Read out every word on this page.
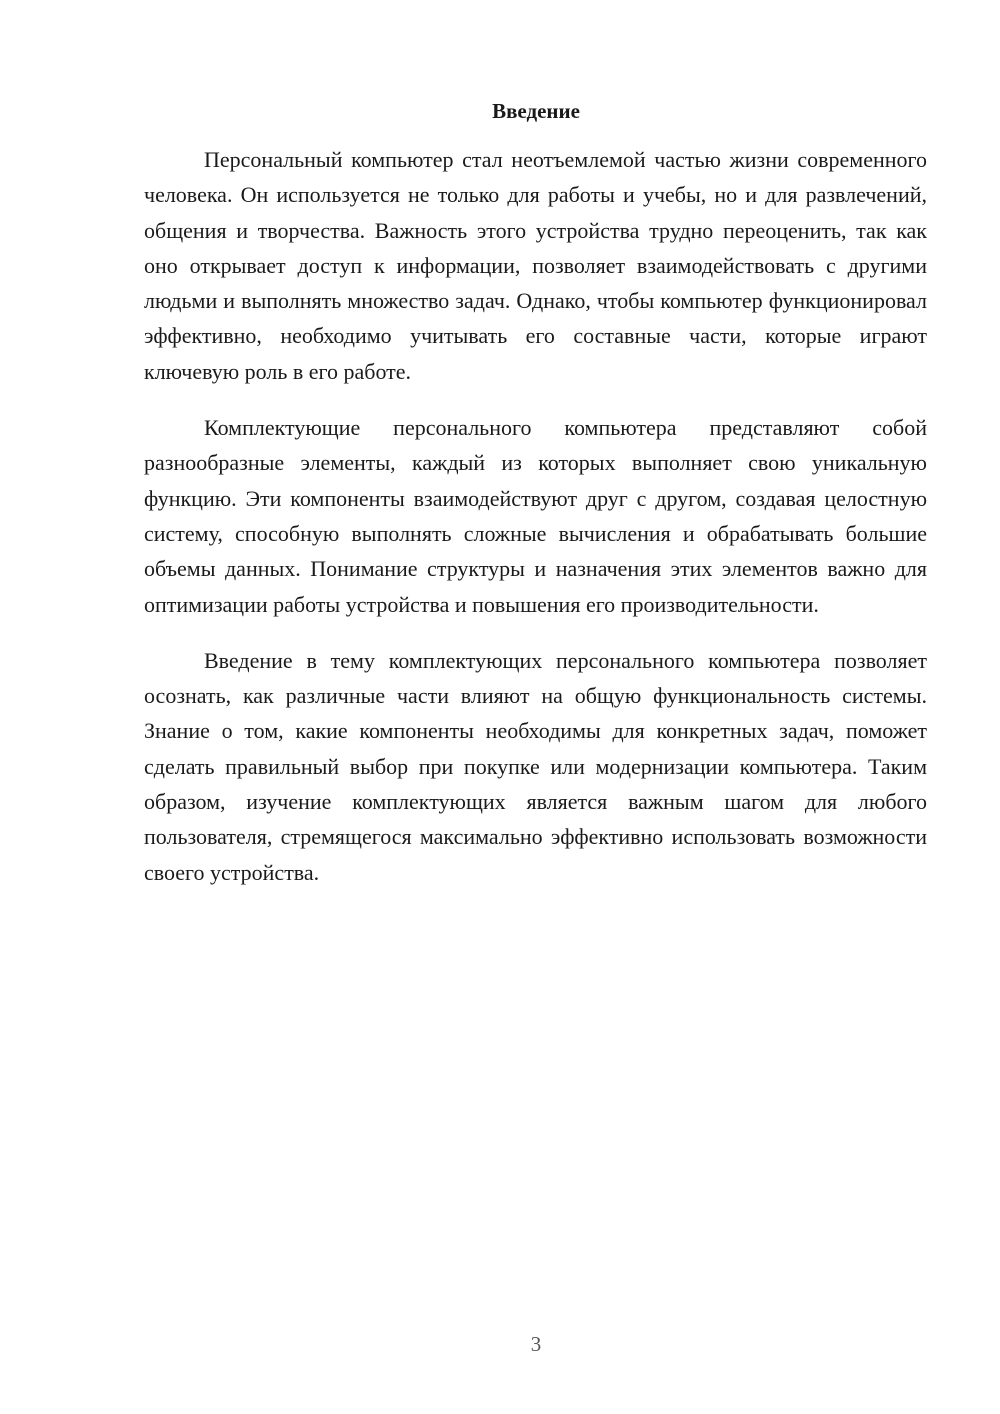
Введение

Персональный компьютер стал неотъемлемой частью жизни современного человека. Он используется не только для работы и учебы, но и для развлечений, общения и творчества. Важность этого устройства трудно переоценить, так как оно открывает доступ к информации, позволяет взаимодействовать с другими людьми и выполнять множество задач. Однако, чтобы компьютер функционировал эффективно, необходимо учитывать его составные части, которые играют ключевую роль в его работе.

Комплектующие персонального компьютера представляют собой разнообразные элементы, каждый из которых выполняет свою уникальную функцию. Эти компоненты взаимодействуют друг с другом, создавая целостную систему, способную выполнять сложные вычисления и обрабатывать большие объемы данных. Понимание структуры и назначения этих элементов важно для оптимизации работы устройства и повышения его производительности.

Введение в тему комплектующих персонального компьютера позволяет осознать, как различные части влияют на общую функциональность системы. Знание о том, какие компоненты необходимы для конкретных задач, поможет сделать правильный выбор при покупке или модернизации компьютера. Таким образом, изучение комплектующих является важным шагом для любого пользователя, стремящегося максимально эффективно использовать возможности своего устройства.

3
